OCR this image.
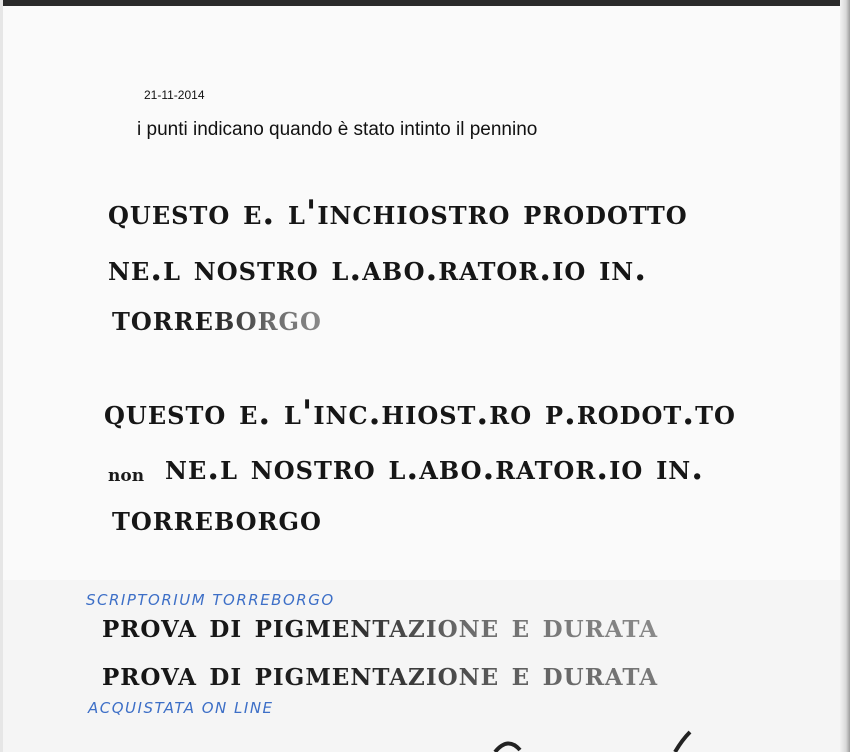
21-11-2014
i punti indicano quando è stato intinto il pennino

questo e. l'inchiostro prodotto

ne.l nostro l.abo.rator.io in.

torreborgo

questo e. l'inc.hiost.ro p.rodot.to

non ne.l nostro l.abo.rator.io in.

torreborgo

SCRIPTORIUM TORREBORGO

prova di pigmentazione e durata

prova di pigmentazione e durata

ACQUISTATA ON LINE
